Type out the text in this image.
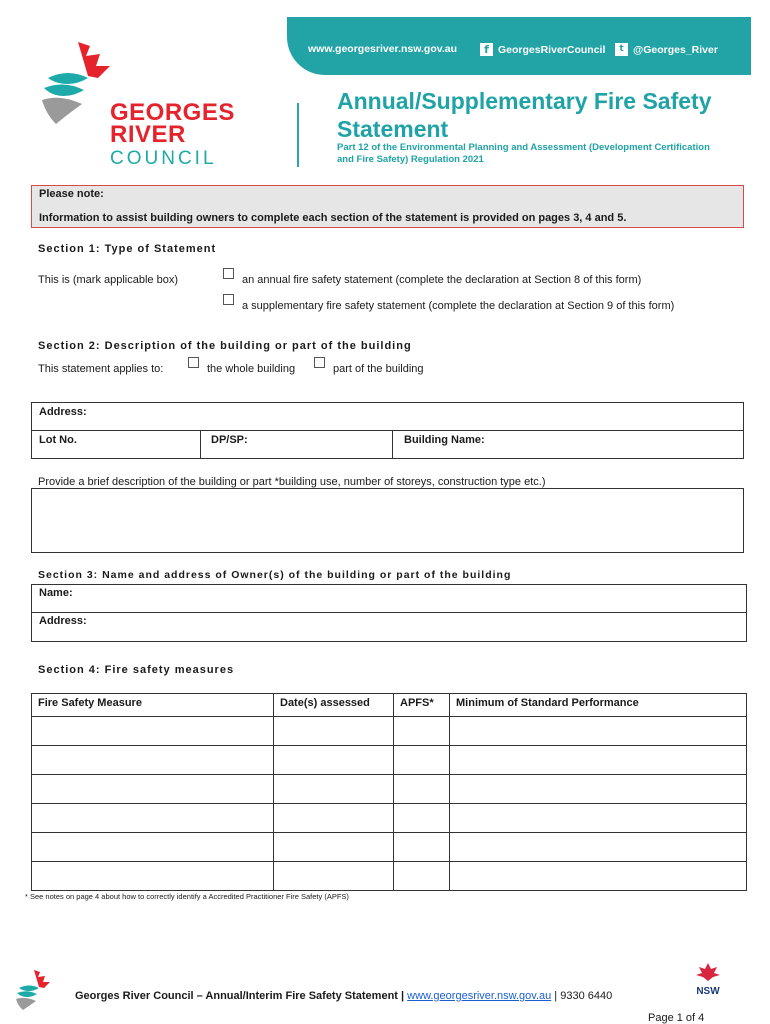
GEORGES
RIVER
COUNCIL
www.georgesriver.nsw.gov.au	f GeorgesRiverCouncil	t @Georges_River
Annual/Supplementary Fire Safety Statement
Part 12 of the Environmental Planning and Assessment (Development Certification and Fire Safety) Regulation 2021
Please note:
Information to assist building owners to complete each section of the statement is provided on pages 3, 4 and 5.
Section 1: Type of Statement
This is (mark applicable box)	an annual fire safety statement (complete the declaration at Section 8 of this form)
a supplementary fire safety statement (complete the declaration at Section 9 of this form)
Section 2: Description of the building or part of the building
This statement applies to:	the whole building	part of the building
Address:
Lot No.	DP/SP:	Building Name:
Provide a brief description of the building or part *building use, number of storeys, construction type etc.)
Section 3: Name and address of Owner(s) of the building or part of the building
Name:
Address:
Section 4: Fire safety measures
Fire Safety Measure	Date(s) assessed	APFS*	Minimum of Standard Performance

* See notes on page 4 about how to correctly identify a Accredited Practitioner Fire Safety (APFS)
Georges River Council – Annual/Interim Fire Safety Statement | www.georgesriver.nsw.gov.au | 9330 6440	NSW
Page 1 of 4
